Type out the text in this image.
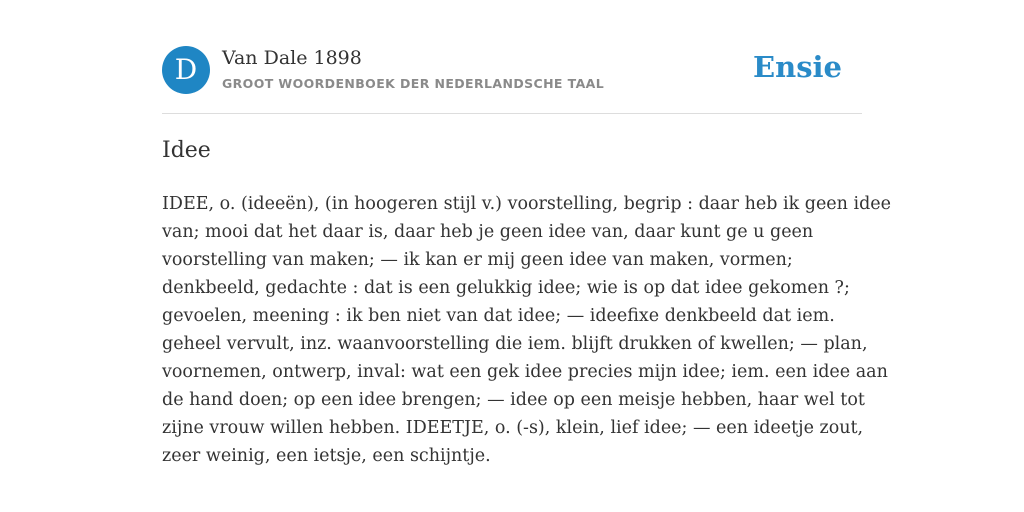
D	Van Dale 1898
GROOT WOORDENBOEK DER NEDERLANDSCHE TAAL	Ensie
Idee
IDEE, o. (ideeën), (in hoogeren stijl v.) voorstelling, begrip : daar heb ik geen idee
van; mooi dat het daar is, daar heb je geen idee van, daar kunt ge u geen
voorstelling van maken; — ik kan er mij geen idee van maken, vormen;
denkbeeld, gedachte : dat is een gelukkig idee; wie is op dat idee gekomen ?;
gevoelen, meening : ik ben niet van dat idee; — ideefixe denkbeeld dat iem.
geheel vervult, inz. waanvoorstelling die iem. blijft drukken of kwellen; — plan,
voornemen, ontwerp, inval: wat een gek idee precies mijn idee; iem. een idee aan
de hand doen; op een idee brengen; — idee op een meisje hebben, haar wel tot
zijne vrouw willen hebben. IDEETJE, o. (-s), klein, lief idee; — een ideetje zout,
zeer weinig, een ietsje, een schijntje.
